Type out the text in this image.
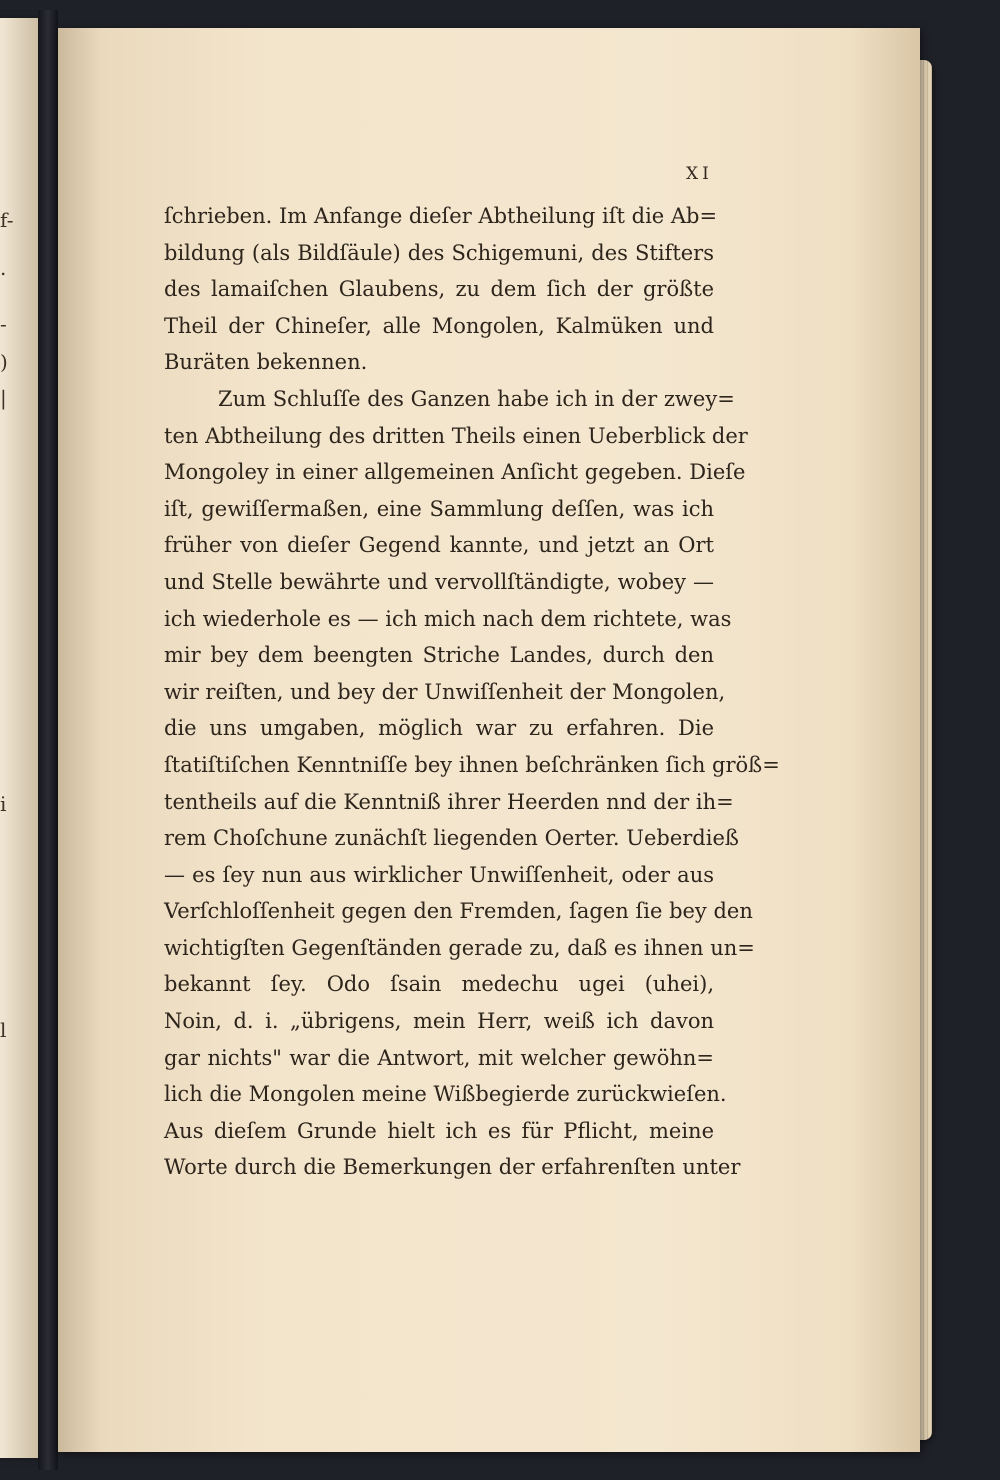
f-
.
-
)
|
i
l
XI
ſchrieben. Im Anfange dieſer Abtheilung iſt die Ab=
bildung (als Bildſäule) des Schigemuni, des Stifters
des lamaiſchen Glaubens, zu dem ſich der größte
Theil der Chineſer, alle Mongolen, Kalmüken und
Buräten bekennen.
Zum Schluſſe des Ganzen habe ich in der zwey=
ten Abtheilung des dritten Theils einen Ueberblick der
Mongoley in einer allgemeinen Anſicht gegeben. Dieſe
iſt, gewiſſermaßen, eine Sammlung deſſen, was ich
früher von dieſer Gegend kannte, und jetzt an Ort
und Stelle bewährte und vervollſtändigte, wobey —
ich wiederhole es — ich mich nach dem richtete, was
mir bey dem beengten Striche Landes, durch den
wir reiſten, und bey der Unwiſſenheit der Mongolen,
die uns umgaben, möglich war zu erfahren. Die
ſtatiſtiſchen Kenntniſſe bey ihnen beſchränken ſich größ=
tentheils auf die Kenntniß ihrer Heerden nnd der ih=
rem Choſchune zunächſt liegenden Oerter. Ueberdieß
— es ſey nun aus wirklicher Unwiſſenheit, oder aus
Verſchloſſenheit gegen den Fremden, ſagen ſie bey den
wichtigſten Gegenſtänden gerade zu, daß es ihnen un=
bekannt ſey. Odo ſsain medechu ugei (uhei),
Noin, d. i. „übrigens, mein Herr, weiß ich davon
gar nichts" war die Antwort, mit welcher gewöhn=
lich die Mongolen meine Wißbegierde zurückwieſen.
Aus dieſem Grunde hielt ich es für Pflicht, meine
Worte durch die Bemerkungen der erfahrenſten unter
